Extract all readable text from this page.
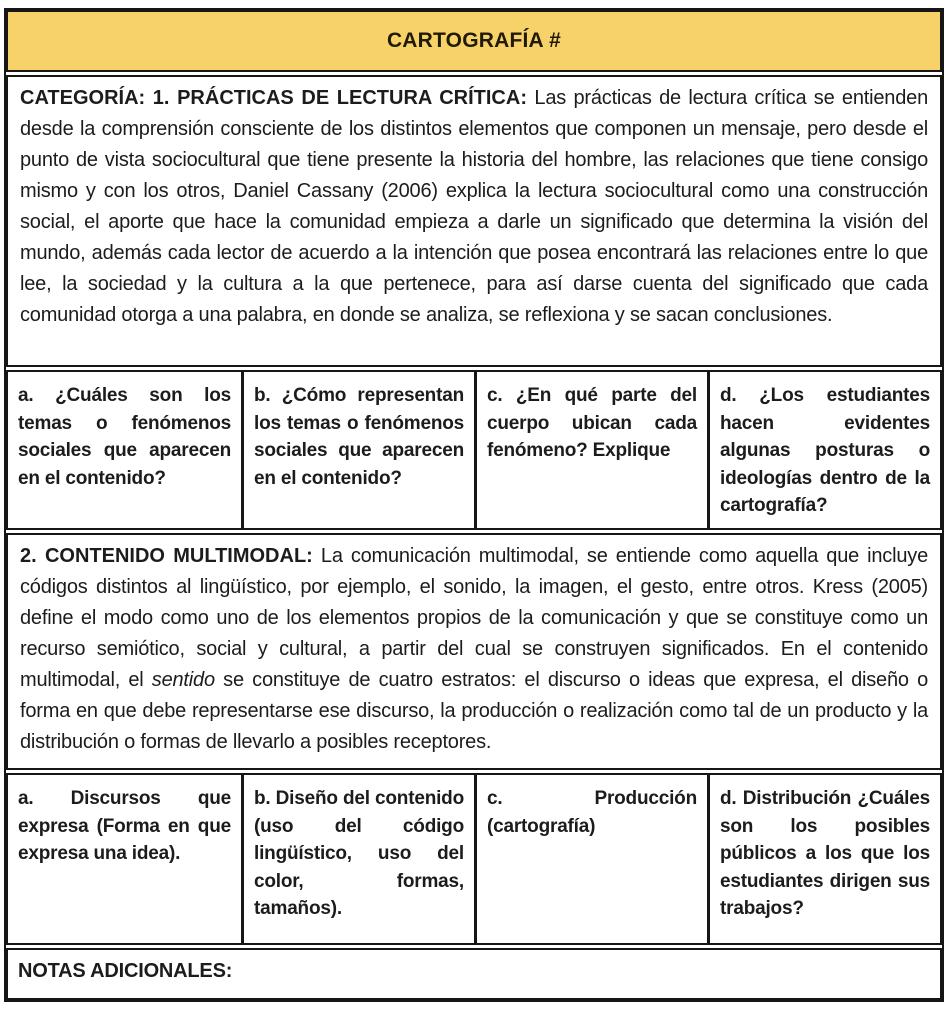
CARTOGRAFÍA #

CATEGORÍA: 1. PRÁCTICAS DE LECTURA CRÍTICA: Las prácticas de lectura crítica se entienden desde la comprensión consciente de los distintos elementos que componen un mensaje, pero desde el punto de vista sociocultural que tiene presente la historia del hombre, las relaciones que tiene consigo mismo y con los otros, Daniel Cassany (2006) explica la lectura sociocultural como una construcción social, el aporte que hace la comunidad empieza a darle un significado que determina la visión del mundo, además cada lector de acuerdo a la intención que posea encontrará las relaciones entre lo que lee, la sociedad y la cultura a la que pertenece, para así darse cuenta del significado que cada comunidad otorga a una palabra, en donde se analiza, se reflexiona y se sacan conclusiones.

a. ¿Cuáles son los temas o fenómenos sociales que aparecen en el contenido?

b. ¿Cómo representan los temas o fenómenos sociales que aparecen en el contenido?

c. ¿En qué parte del cuerpo ubican cada fenómeno? Explique

d. ¿Los estudiantes hacen evidentes algunas posturas o ideologías dentro de la cartografía?

2. CONTENIDO MULTIMODAL: La comunicación multimodal, se entiende como aquella que incluye códigos distintos al lingüístico, por ejemplo, el sonido, la imagen, el gesto, entre otros. Kress (2005) define el modo como uno de los elementos propios de la comunicación y que se constituye como un recurso semiótico, social y cultural, a partir del cual se construyen significados. En el contenido multimodal, el sentido se constituye de cuatro estratos: el discurso o ideas que expresa, el diseño o forma en que debe representarse ese discurso, la producción o realización como tal de un producto y la distribución o formas de llevarlo a posibles receptores.

a. Discursos que expresa (Forma en que expresa una idea).

b. Diseño del contenido (uso del código lingüístico, uso del color, formas, tamaños).

c. Producción (cartografía)

d. Distribución ¿Cuáles son los posibles públicos a los que los estudiantes dirigen sus trabajos?

NOTAS ADICIONALES:
